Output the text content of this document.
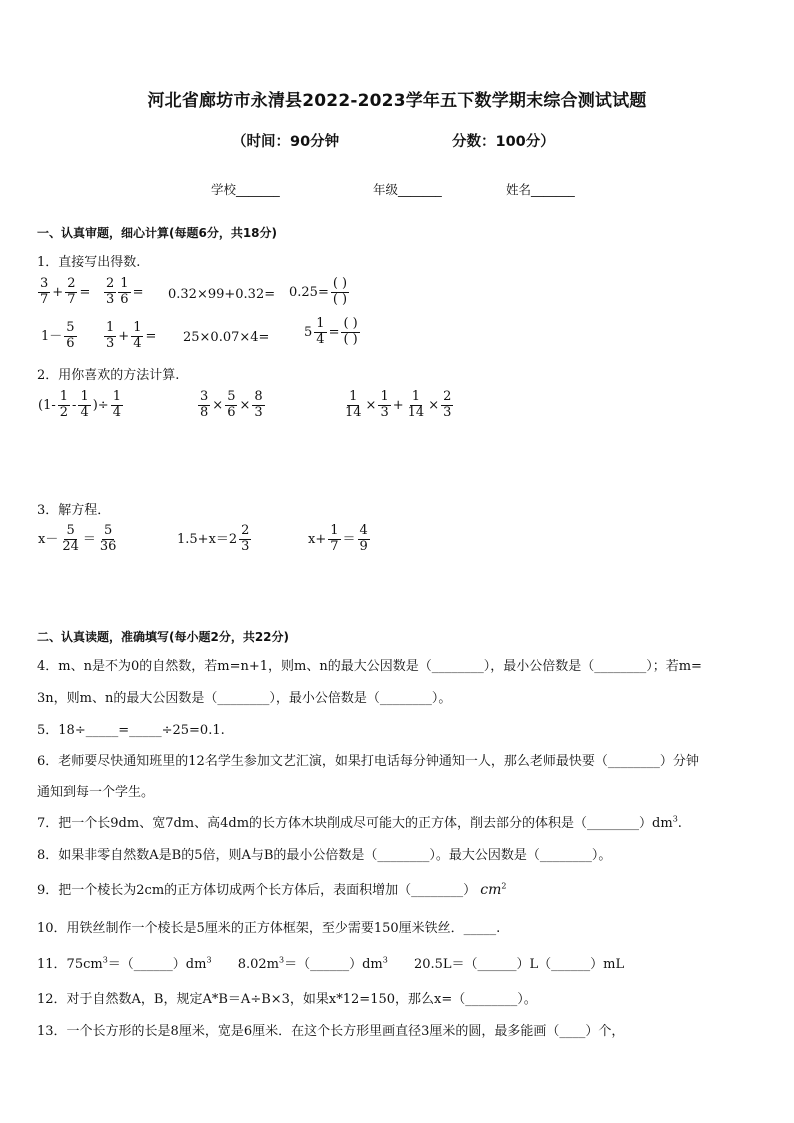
河北省廊坊市永清县2022-2023学年五下数学期末综合测试试题
（时间：90分钟	分数：100分）
学校_______	年级_______	姓名_______
一、认真审题，细心计算(每题6分，共18分)
1．直接写出得数.
$\frac{3}{7} + \frac{2}{7} = \frac{2}{3} \frac{1}{6} = 0.32\times 99+0.32= 0.25= \frac{( )}{( )}$
$1- \frac{5}{6} \frac{1}{3} + \frac{1}{4} = 25\times 0.07\times 4=$	$5 \frac{1}{4} = \frac{( )}{( )}$
2．用你喜欢的方法计算.
($1- \frac{1}{2} - \frac{1}{4}$ )÷ $\frac{1}{4}$	$\frac{3}{8} \times \frac{5}{6} \times \frac{8}{3}$	$\frac{1}{14} \times \frac{1}{3} + \frac{1}{14} \times \frac{2}{3}$
3．解方程．
$x- \frac{5}{24} = \frac{5}{36}$	$1.5+x=2 \frac{2}{3}$	$x+ \frac{1}{7} = \frac{4}{9}$
二、认真读题，准确填写(每小题2分，共22分)
4．m、n是不为0的自然数，若m=n+1，则m、n的最大公因数是（________），最小公倍数是（________）；若m=
3n，则m、n的最大公因数是（________），最小公倍数是（________）。
5．18÷_____=_____÷25=0.1.
6．老师要尽快通知班里的12名学生参加文艺汇演，如果打电话每分钟通知一人，那么老师最快要（________）分钟
通知到每一个学生。
7．把一个长9dm、宽7dm、高4dm的长方体木块削成尽可能大的正方体，削去部分的体积是$(\_\_\_\_\_\_\_\_)dm^3$.
8．如果非零自然数A是B的5倍，则A与B的最小公倍数是（________）。最大公因数是（________）。
9．把一个棱长为2cm的正方体切成两个长方体后，表面积增加（________） $cm^2$
10．用铁丝制作一个棱长是5厘米的正方体框架，至少需要150厘米铁丝．_____.
11．$75cm^3=(\_\_\_\_\_\_)dm^3$ $8.02m^3=(\_\_\_\_\_\_)dm^3$ 20.5L＝（______）L（______）mL
12．对于自然数A，B，规定A*B＝A÷B×3，如果x*12=150，那么x=（________）。
13．一个长方形的长是8厘米，宽是6厘米．在这个长方形里画直径3厘米的圆，最多能画（____）个，
